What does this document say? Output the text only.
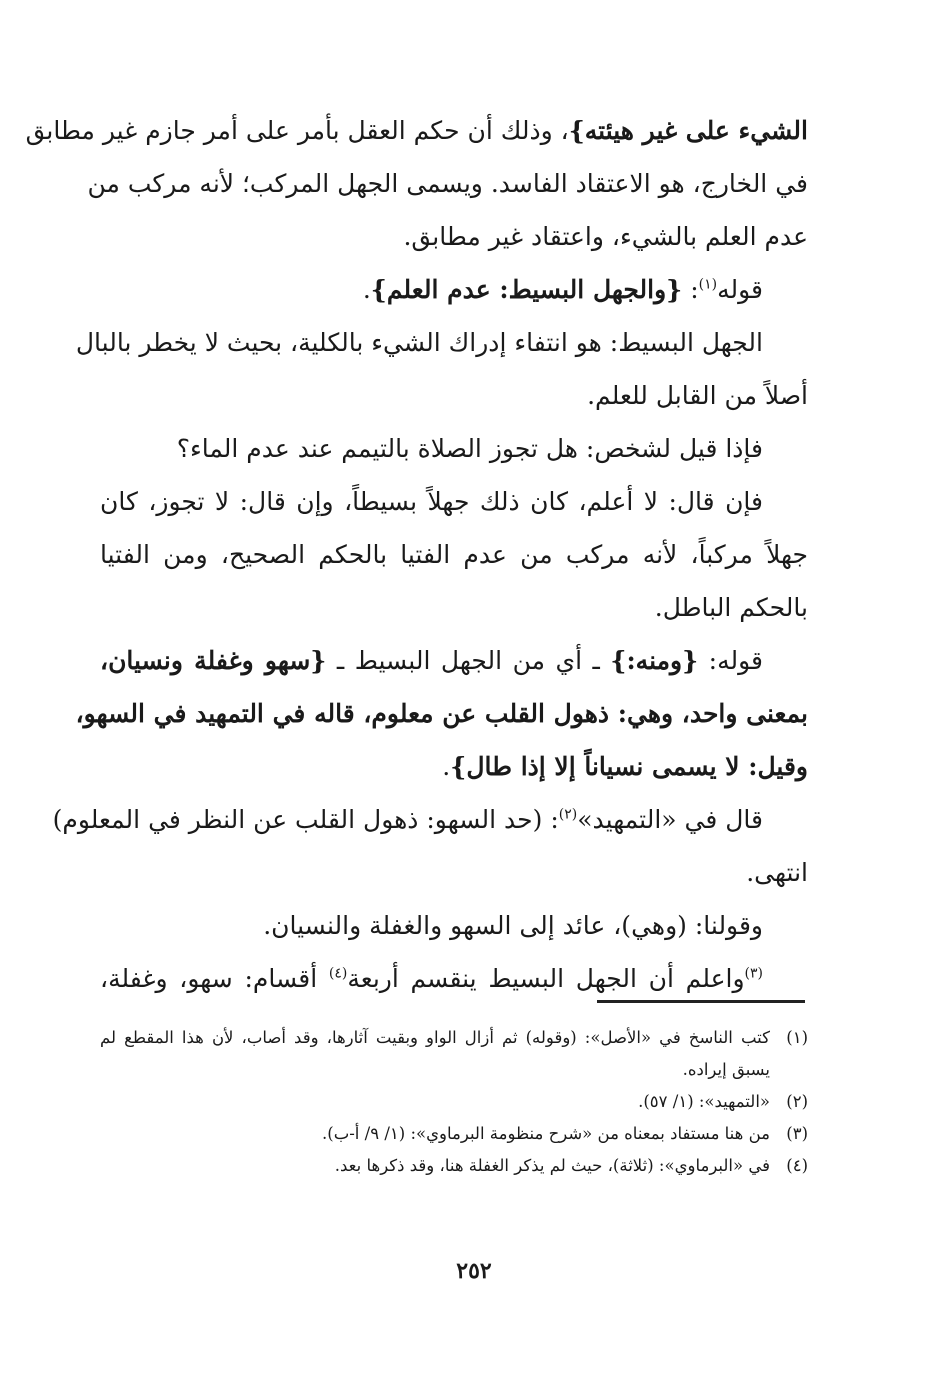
الشيء على غير هيئته}، وذلك أن حكم العقل بأمر على أمر جازم غير مطابق
في الخارج، هو الاعتقاد الفاسد. ويسمى الجهل المركب؛ لأنه مركب من
عدم العلم بالشيء، واعتقاد غير مطابق.
قوله$^{(١)}$: {والجهل البسيط: عدم العلم}.
الجهل البسيط: هو انتفاء إدراك الشيء بالكلية، بحيث لا يخطر بالبال
أصلاً من القابل للعلم.
فإذا قيل لشخص: هل تجوز الصلاة بالتيمم عند عدم الماء؟
فإن قال: لا أعلم، كان ذلك جهلاً بسيطاً، وإن قال: لا تجوز، كان
جهلاً مركباً، لأنه مركب من عدم الفتيا بالحكم الصحيح، ومن الفتيا
بالحكم الباطل.
قوله: {ومنه:} ـ أي من الجهل البسيط ـ {سهو وغفلة ونسيان،
بمعنى واحد، وهي: ذهول القلب عن معلوم، قاله في التمهيد في السهو،
وقيل: لا يسمى نسياناً إلا إذا طال}.
قال في «التمهيد»$^{(٢)}$: (حد السهو: ذهول القلب عن النظر في المعلوم)
انتهى.
وقولنا: (وهي)، عائد إلى السهو والغفلة والنسيان.
$^{(٣)}$واعلم أن الجهل البسيط ينقسم أربعة$^{(٤)}$ أقسام: سهو، وغفلة،
(١)
كتب الناسخ في «الأصل»: (وقوله) ثم أزال الواو وبقيت آثارها، وقد أصاب، لأن هذا المقطع لم يسبق إيراده.
(٢)
«التمهيد»: (١/ ٥٧).
(٣)
من هنا مستفاد بمعناه من «شرح منظومة البرماوي»: (١/ ٩/ أ-ب).
(٤)
في «البرماوي»: (ثلاثة)، حيث لم يذكر الغفلة هنا، وقد ذكرها بعد.
٢٥٢
